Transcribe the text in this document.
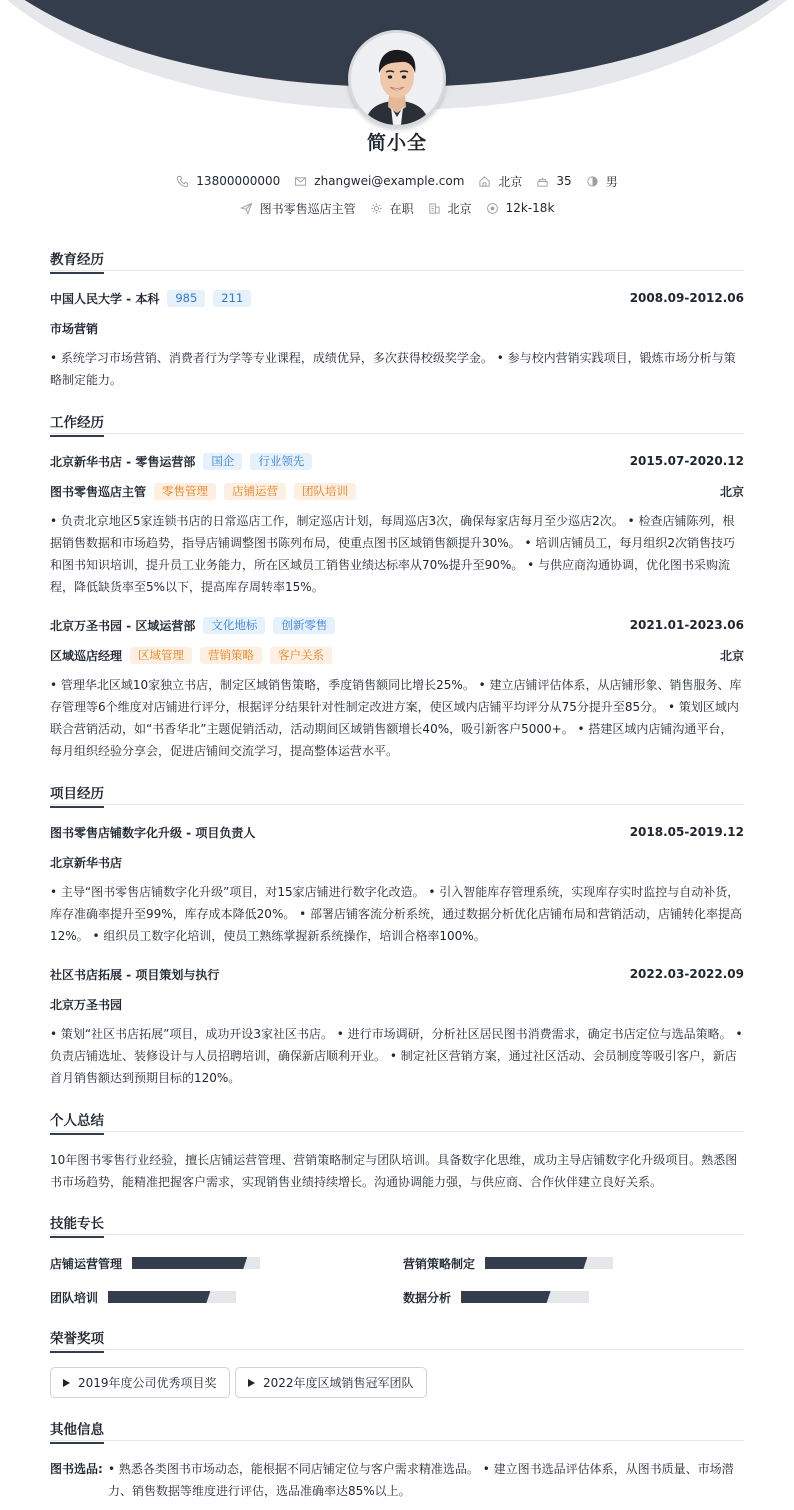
简小全
13800000000	zhangwei@example.com	北京	35	男
图书零售巡店主管	在职	北京	12k-18k
教育经历
中国人民大学 - 本科	985	211	2008.09-2012.06
市场营销
• 系统学习市场营销、消费者行为学等专业课程，成绩优异，多次获得校级奖学金。 • 参与校内营销实践项目，锻炼市场分析与策略制定能力。
工作经历
北京新华书店 - 零售运营部	国企	行业领先	2015.07-2020.12
图书零售巡店主管	零售管理	店铺运营	团队培训	北京
• 负责北京地区5家连锁书店的日常巡店工作，制定巡店计划，每周巡店3次，确保每家店每月至少巡店2次。 • 检查店铺陈列，根据销售数据和市场趋势，指导店铺调整图书陈列布局，使重点图书区域销售额提升30%。 • 培训店铺员工，每月组织2次销售技巧和图书知识培训，提升员工业务能力，所在区域员工销售业绩达标率从70%提升至90%。 • 与供应商沟通协调，优化图书采购流程，降低缺货率至5%以下，提高库存周转率15%。
北京万圣书园 - 区域运营部	文化地标	创新零售	2021.01-2023.06
区域巡店经理	区域管理	营销策略	客户关系	北京
• 管理华北区域10家独立书店，制定区域销售策略，季度销售额同比增长25%。 • 建立店铺评估体系，从店铺形象、销售服务、库存管理等6个维度对店铺进行评分，根据评分结果针对性制定改进方案，使区域内店铺平均评分从75分提升至85分。 • 策划区域内联合营销活动，如“书香华北”主题促销活动，活动期间区域销售额增长40%，吸引新客户5000+。 • 搭建区域内店铺沟通平台，每月组织经验分享会，促进店铺间交流学习，提高整体运营水平。
项目经历
图书零售店铺数字化升级 - 项目负责人	2018.05-2019.12
北京新华书店
• 主导“图书零售店铺数字化升级”项目，对15家店铺进行数字化改造。 • 引入智能库存管理系统，实现库存实时监控与自动补货，库存准确率提升至99%，库存成本降低20%。 • 部署店铺客流分析系统，通过数据分析优化店铺布局和营销活动，店铺转化率提高12%。 • 组织员工数字化培训，使员工熟练掌握新系统操作，培训合格率100%。
社区书店拓展 - 项目策划与执行	2022.03-2022.09
北京万圣书园
• 策划“社区书店拓展”项目，成功开设3家社区书店。 • 进行市场调研，分析社区居民图书消费需求，确定书店定位与选品策略。 • 负责店铺选址、装修设计与人员招聘培训，确保新店顺利开业。 • 制定社区营销方案，通过社区活动、会员制度等吸引客户，新店首月销售额达到预期目标的120%。
个人总结
10年图书零售行业经验，擅长店铺运营管理、营销策略制定与团队培训。具备数字化思维，成功主导店铺数字化升级项目。熟悉图书市场趋势，能精准把握客户需求，实现销售业绩持续增长。沟通协调能力强，与供应商、合作伙伴建立良好关系。
技能专长
店铺运营管理	营销策略制定
团队培训	数据分析
荣誉奖项
2019年度公司优秀项目奖	2022年度区域销售冠军团队
其他信息
图书选品: • 熟悉各类图书市场动态，能根据不同店铺定位与客户需求精准选品。 • 建立图书选品评估体系，从图书质量、市场潜力、销售数据等维度进行评估，选品准确率达85%以上。
